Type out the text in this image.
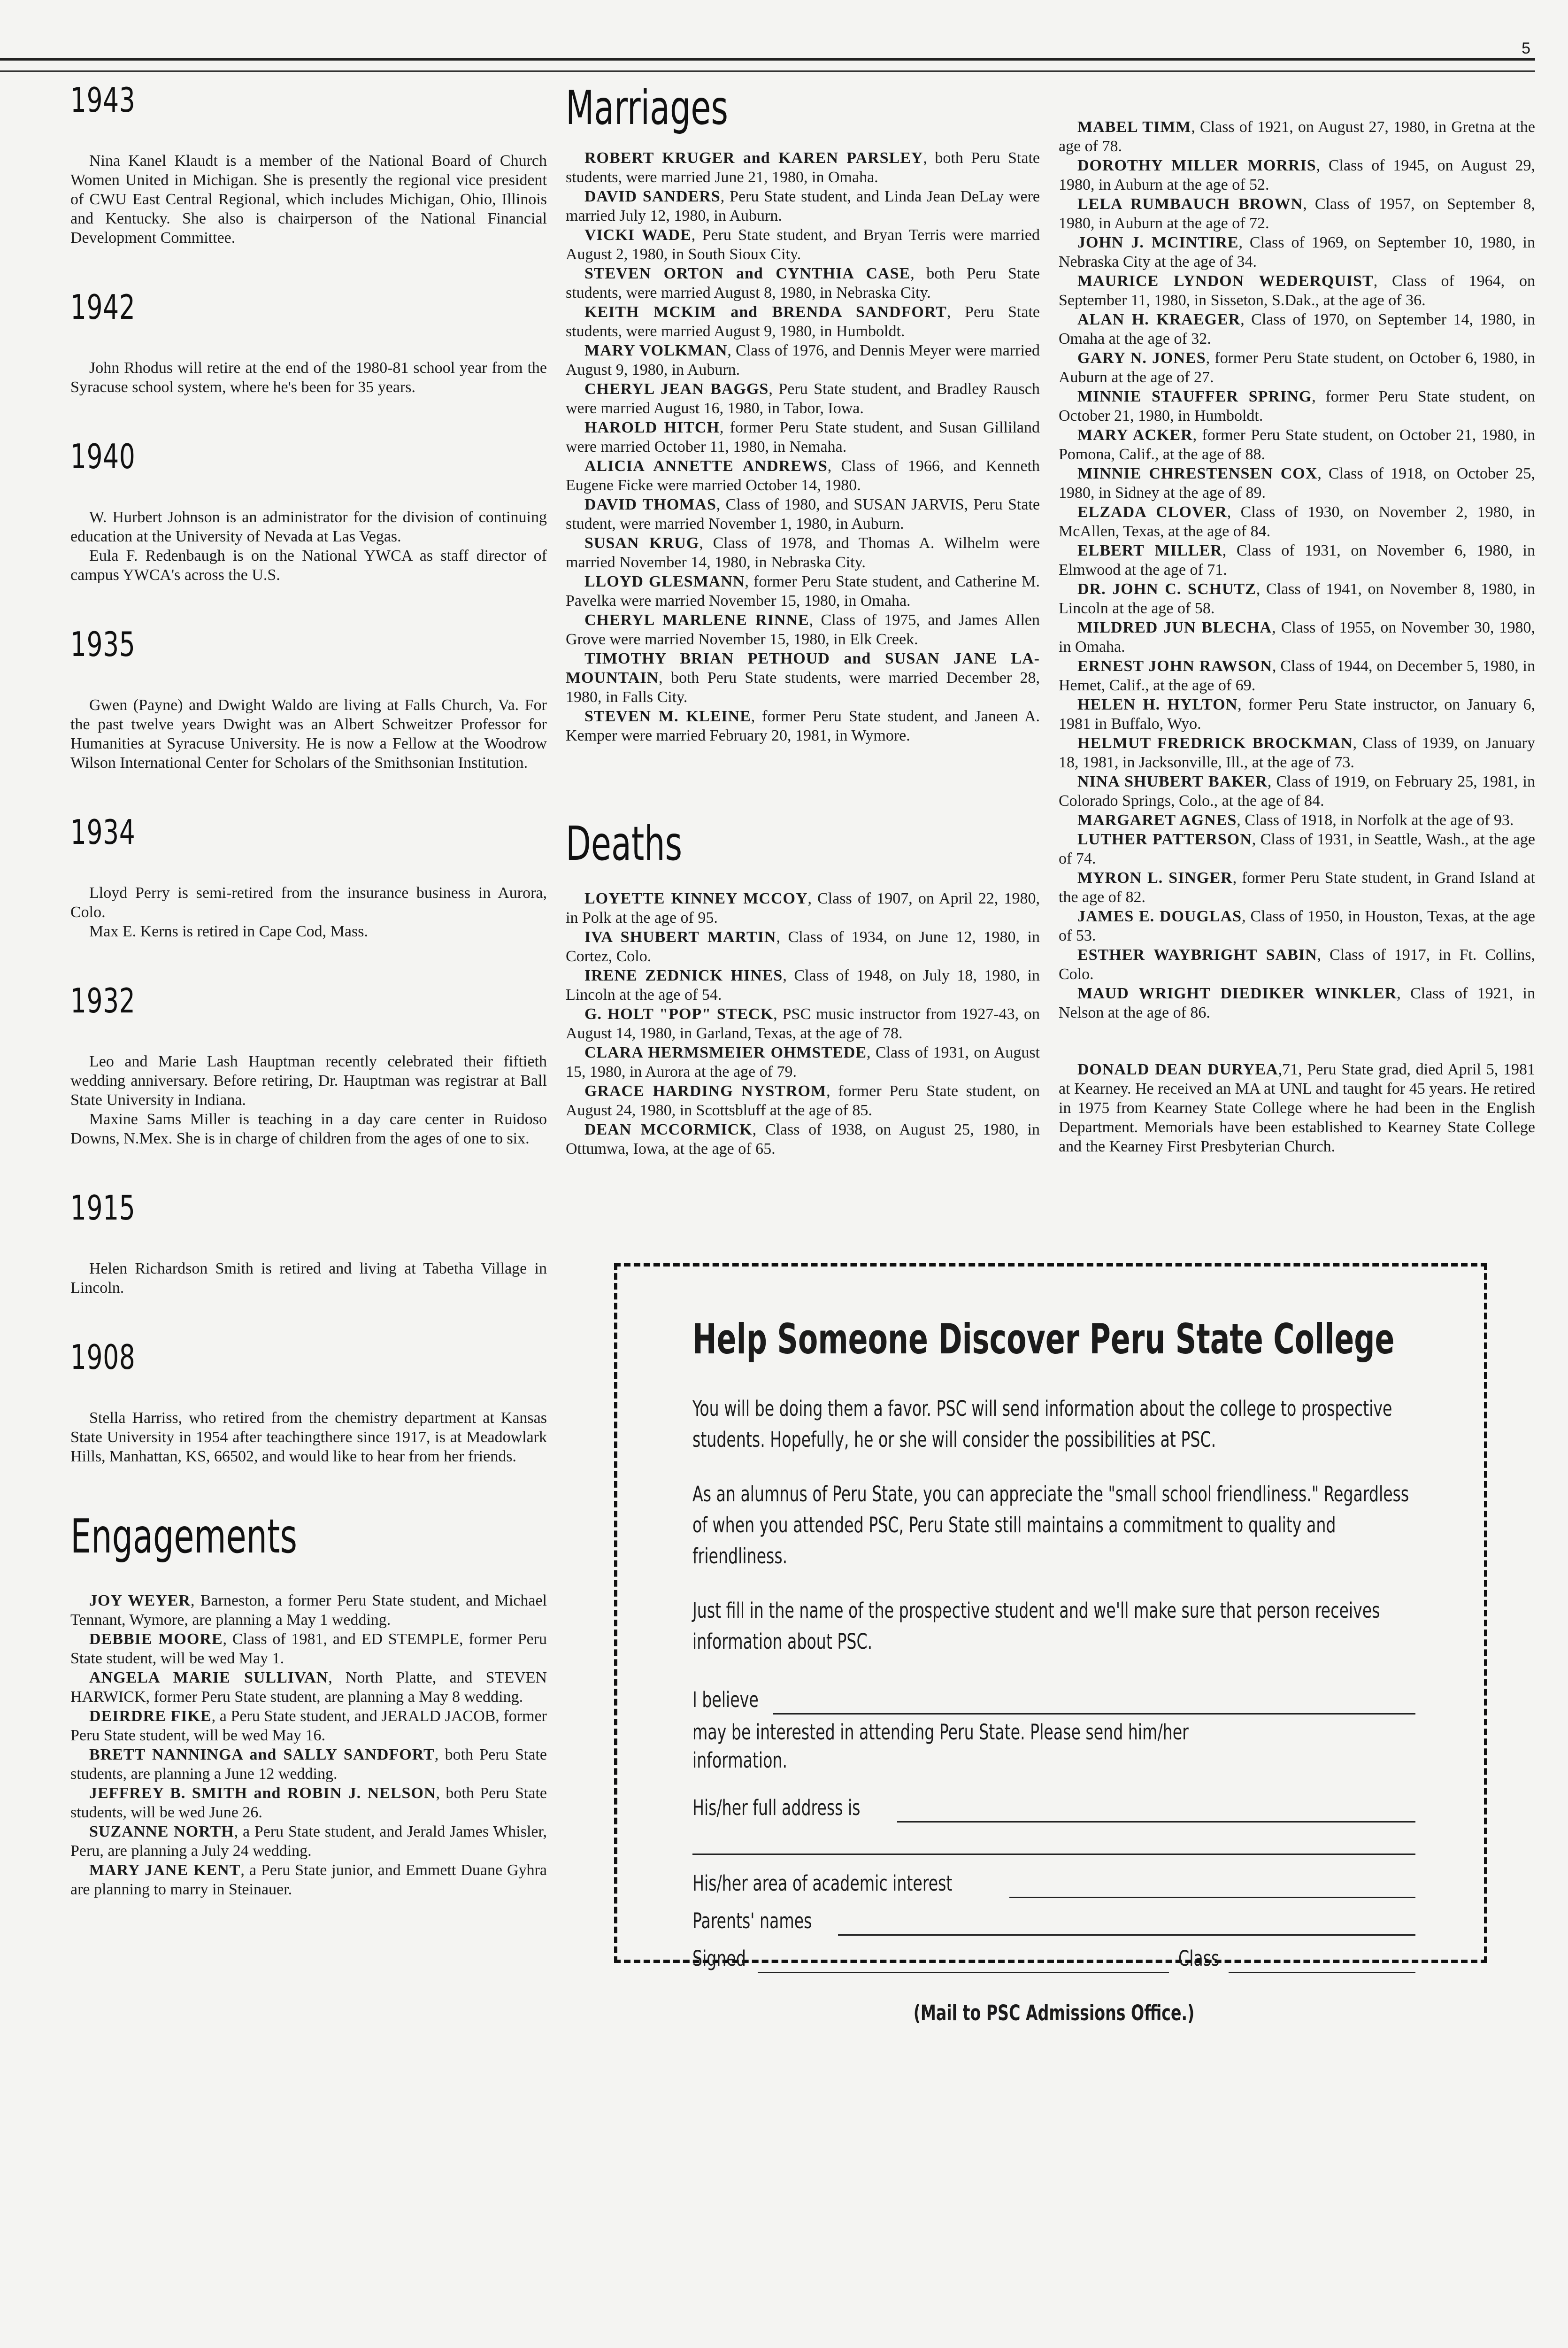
5
1943

Nina Kanel Klaudt is a member of the National Board of Church Women United in Michigan. She is presently the regional vice president of CWU East Central Regional, which includes Michigan, Ohio, Illinois and Kentucky. She also is chairperson of the National Financial Development Committee.

1942

John Rhodus will retire at the end of the 1980-81 school year from the Syracuse school system, where he's been for 35 years.

1940

W. Hurbert Johnson is an administrator for the division of continuing education at the University of Nevada at Las Vegas.

Eula F. Redenbaugh is on the National YWCA as staff director of campus YWCA's across the U.S.

1935

Gwen (Payne) and Dwight Waldo are living at Falls Church, Va. For the past twelve years Dwight was an Albert Schweitzer Professor for Humanities at Syracuse University. He is now a Fellow at the Woodrow Wilson International Center for Scholars of the Smithsonian Institution.

1934

Lloyd Perry is semi-retired from the insurance business in Aurora, Colo.

Max E. Kerns is retired in Cape Cod, Mass.

1932

Leo and Marie Lash Hauptman recently celebrated their fiftieth wedding anniversary. Before retiring, Dr. Hauptman was registrar at Ball State University in Indiana.

Maxine Sams Miller is teaching in a day care center in Ruidoso Downs, N.Mex. She is in charge of children from the ages of one to six.

1915

Helen Richardson Smith is retired and living at Tabetha Village in Lincoln.

1908

Stella Harriss, who retired from the chemistry department at Kansas State University in 1954 after teachingthere since 1917, is at Meadowlark Hills, Manhattan, KS, 66502, and would like to hear from her friends.

Engagements

JOY WEYER, Barneston, a former Peru State student, and Michael Tennant, Wymore, are planning a May 1 wedding.

DEBBIE MOORE, Class of 1981, and ED STEMPLE, former Peru State student, will be wed May 1.

ANGELA MARIE SULLIVAN, North Platte, and STEVEN HARWICK, former Peru State student, are planning a May 8 wedding.

DEIRDRE FIKE, a Peru State student, and JERALD JACOB, former Peru State student, will be wed May 16.

BRETT NANNINGA and SALLY SANDFORT, both Peru State students, are planning a June 12 wedding.

JEFFREY B. SMITH and ROBIN J. NELSON, both Peru State students, will be wed June 26.

SUZANNE NORTH, a Peru State student, and Jerald James Whisler, Peru, are planning a July 24 wedding.

MARY JANE KENT, a Peru State junior, and Emmett Duane Gyhra are planning to marry in Steinauer.

Marriages

ROBERT KRUGER and KAREN PARSLEY, both Peru State students, were married June 21, 1980, in Omaha.

DAVID SANDERS, Peru State student, and Linda Jean DeLay were married July 12, 1980, in Auburn.

VICKI WADE, Peru State student, and Bryan Terris were married August 2, 1980, in South Sioux City.

STEVEN ORTON and CYNTHIA CASE, both Peru State students, were married August 8, 1980, in Nebraska City.

KEITH MCKIM and BRENDA SANDFORT, Peru State students, were married August 9, 1980, in Humboldt.

MARY VOLKMAN, Class of 1976, and Dennis Meyer were married August 9, 1980, in Auburn.

CHERYL JEAN BAGGS, Peru State student, and Bradley Rausch were married August 16, 1980, in Tabor, Iowa.

HAROLD HITCH, former Peru State student, and Susan Gilliland were married October 11, 1980, in Nemaha.

ALICIA ANNETTE ANDREWS, Class of 1966, and Kenneth Eugene Ficke were married October 14, 1980.

DAVID THOMAS, Class of 1980, and SUSAN JARVIS, Peru State student, were married November 1, 1980, in Auburn.

SUSAN KRUG, Class of 1978, and Thomas A. Wilhelm were married November 14, 1980, in Nebraska City.

LLOYD GLESMANN, former Peru State student, and Catherine M. Pavelka were married November 15, 1980, in Omaha.

CHERYL MARLENE RINNE, Class of 1975, and James Allen Grove were married November 15, 1980, in Elk Creek.

TIMOTHY BRIAN PETHOUD and SUSAN JANE LA-MOUNTAIN, both Peru State students, were married December 28, 1980, in Falls City.

STEVEN M. KLEINE, former Peru State student, and Janeen A. Kemper were married February 20, 1981, in Wymore.

Deaths

LOYETTE KINNEY MCCOY, Class of 1907, on April 22, 1980, in Polk at the age of 95.

IVA SHUBERT MARTIN, Class of 1934, on June 12, 1980, in Cortez, Colo.

IRENE ZEDNICK HINES, Class of 1948, on July 18, 1980, in Lincoln at the age of 54.

G. HOLT "POP" STECK, PSC music instructor from 1927-43, on August 14, 1980, in Garland, Texas, at the age of 78.

CLARA HERMSMEIER OHMSTEDE, Class of 1931, on August 15, 1980, in Aurora at the age of 79.

GRACE HARDING NYSTROM, former Peru State student, on August 24, 1980, in Scottsbluff at the age of 85.

DEAN MCCORMICK, Class of 1938, on August 25, 1980, in Ottumwa, Iowa, at the age of 65.

MABEL TIMM, Class of 1921, on August 27, 1980, in Gretna at the age of 78.

DOROTHY MILLER MORRIS, Class of 1945, on August 29, 1980, in Auburn at the age of 52.

LELA RUMBAUCH BROWN, Class of 1957, on September 8, 1980, in Auburn at the age of 72.

JOHN J. MCINTIRE, Class of 1969, on September 10, 1980, in Nebraska City at the age of 34.

MAURICE LYNDON WEDERQUIST, Class of 1964, on September 11, 1980, in Sisseton, S.Dak., at the age of 36.

ALAN H. KRAEGER, Class of 1970, on September 14, 1980, in Omaha at the age of 32.

GARY N. JONES, former Peru State student, on October 6, 1980, in Auburn at the age of 27.

MINNIE STAUFFER SPRING, former Peru State student, on October 21, 1980, in Humboldt.

MARY ACKER, former Peru State student, on October 21, 1980, in Pomona, Calif., at the age of 88.

MINNIE CHRESTENSEN COX, Class of 1918, on October 25, 1980, in Sidney at the age of 89.

ELZADA CLOVER, Class of 1930, on November 2, 1980, in McAllen, Texas, at the age of 84.

ELBERT MILLER, Class of 1931, on November 6, 1980, in Elmwood at the age of 71.

DR. JOHN C. SCHUTZ, Class of 1941, on November 8, 1980, in Lincoln at the age of 58.

MILDRED JUN BLECHA, Class of 1955, on November 30, 1980, in Omaha.

ERNEST JOHN RAWSON, Class of 1944, on December 5, 1980, in Hemet, Calif., at the age of 69.

HELEN H. HYLTON, former Peru State instructor, on January 6, 1981 in Buffalo, Wyo.

HELMUT FREDRICK BROCKMAN, Class of 1939, on January 18, 1981, in Jacksonville, Ill., at the age of 73.

NINA SHUBERT BAKER, Class of 1919, on February 25, 1981, in Colorado Springs, Colo., at the age of 84.

MARGARET AGNES, Class of 1918, in Norfolk at the age of 93.

LUTHER PATTERSON, Class of 1931, in Seattle, Wash., at the age of 74.

MYRON L. SINGER, former Peru State student, in Grand Island at the age of 82.

JAMES E. DOUGLAS, Class of 1950, in Houston, Texas, at the age of 53.

ESTHER WAYBRIGHT SABIN, Class of 1917, in Ft. Collins, Colo.

MAUD WRIGHT DIEDIKER WINKLER, Class of 1921, in Nelson at the age of 86.

DONALD DEAN DURYEA,71, Peru State grad, died April 5, 1981 at Kearney. He received an MA at UNL and taught for 45 years. He retired in 1975 from Kearney State College where he had been in the English Department. Memorials have been established to Kearney State College and the Kearney First Presbyterian Church.

Help Someone Discover Peru State College

You will be doing them a favor. PSC will send information about the college to prospective students. Hopefully, he or she will consider the possibilities at PSC.

As an alumnus of Peru State, you can appreciate the "small school friendliness." Regardless of when you attended PSC, Peru State still maintains a commitment to quality and friendliness.

Just fill in the name of the prospective student and we'll make sure that person receives information about PSC.

I believe
may be interested in attending Peru State. Please send him/her information.
His/her full address is
His/her area of academic interest
Parents' names
Signed	Class
(Mail to PSC Admissions Office.)
